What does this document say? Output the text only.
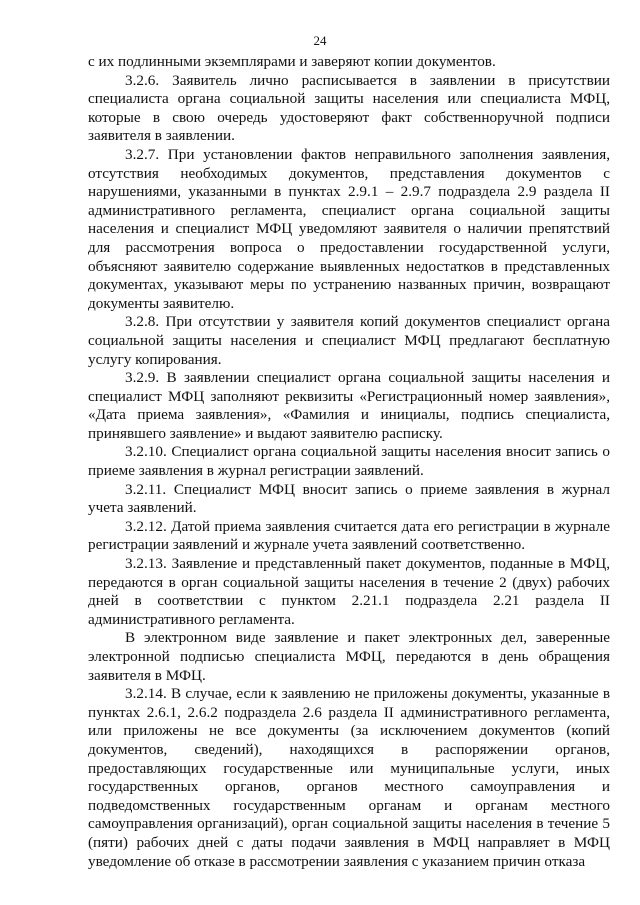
24

с их подлинными экземплярами и заверяют копии документов.

3.2.6. Заявитель лично расписывается в заявлении в присутствии специалиста органа социальной защиты населения или специалиста МФЦ, которые в свою очередь удостоверяют факт собственноручной подписи заявителя в заявлении.

3.2.7. При установлении фактов неправильного заполнения заявления, отсутствия необходимых документов, представления документов с нарушениями, указанными в пунктах 2.9.1 – 2.9.7 подраздела 2.9 раздела II административного регламента, специалист органа социальной защиты населения и специалист МФЦ уведомляют заявителя о наличии препятствий для рассмотрения вопроса о предоставлении государственной услуги, объясняют заявителю содержание выявленных недостатков в представленных документах, указывают меры по устранению названных причин, возвращают документы заявителю.

3.2.8. При отсутствии у заявителя копий документов специалист органа социальной защиты населения и специалист МФЦ предлагают бесплатную услугу копирования.

3.2.9. В заявлении специалист органа социальной защиты населения и специалист МФЦ заполняют реквизиты «Регистрационный номер заявления», «Дата приема заявления», «Фамилия и инициалы, подпись специалиста, принявшего заявление» и выдают заявителю расписку.

3.2.10. Специалист органа социальной защиты населения вносит запись о приеме заявления в журнал регистрации заявлений.

3.2.11. Специалист МФЦ вносит запись о приеме заявления в журнал учета заявлений.

3.2.12. Датой приема заявления считается дата его регистрации в журнале регистрации заявлений и журнале учета заявлений соответственно.

3.2.13. Заявление и представленный пакет документов, поданные в МФЦ, передаются в орган социальной защиты населения в течение 2 (двух) рабочих дней в соответствии с пунктом 2.21.1 подраздела 2.21 раздела II административного регламента.

В электронном виде заявление и пакет электронных дел, заверенные электронной подписью специалиста МФЦ, передаются в день обращения заявителя в МФЦ.

3.2.14. В случае, если к заявлению не приложены документы, указанные в пунктах 2.6.1, 2.6.2 подраздела 2.6 раздела II административного регламента, или приложены не все документы (за исключением документов (копий документов, сведений), находящихся в распоряжении органов, предоставляющих государственные или муниципальные услуги, иных государственных органов, органов местного самоуправления и подведомственных государственным органам и органам местного самоуправления организаций), орган социальной защиты населения в течение 5 (пяти) рабочих дней с даты подачи заявления в МФЦ направляет в МФЦ уведомление об отказе в рассмотрении заявления с указанием причин отказа
